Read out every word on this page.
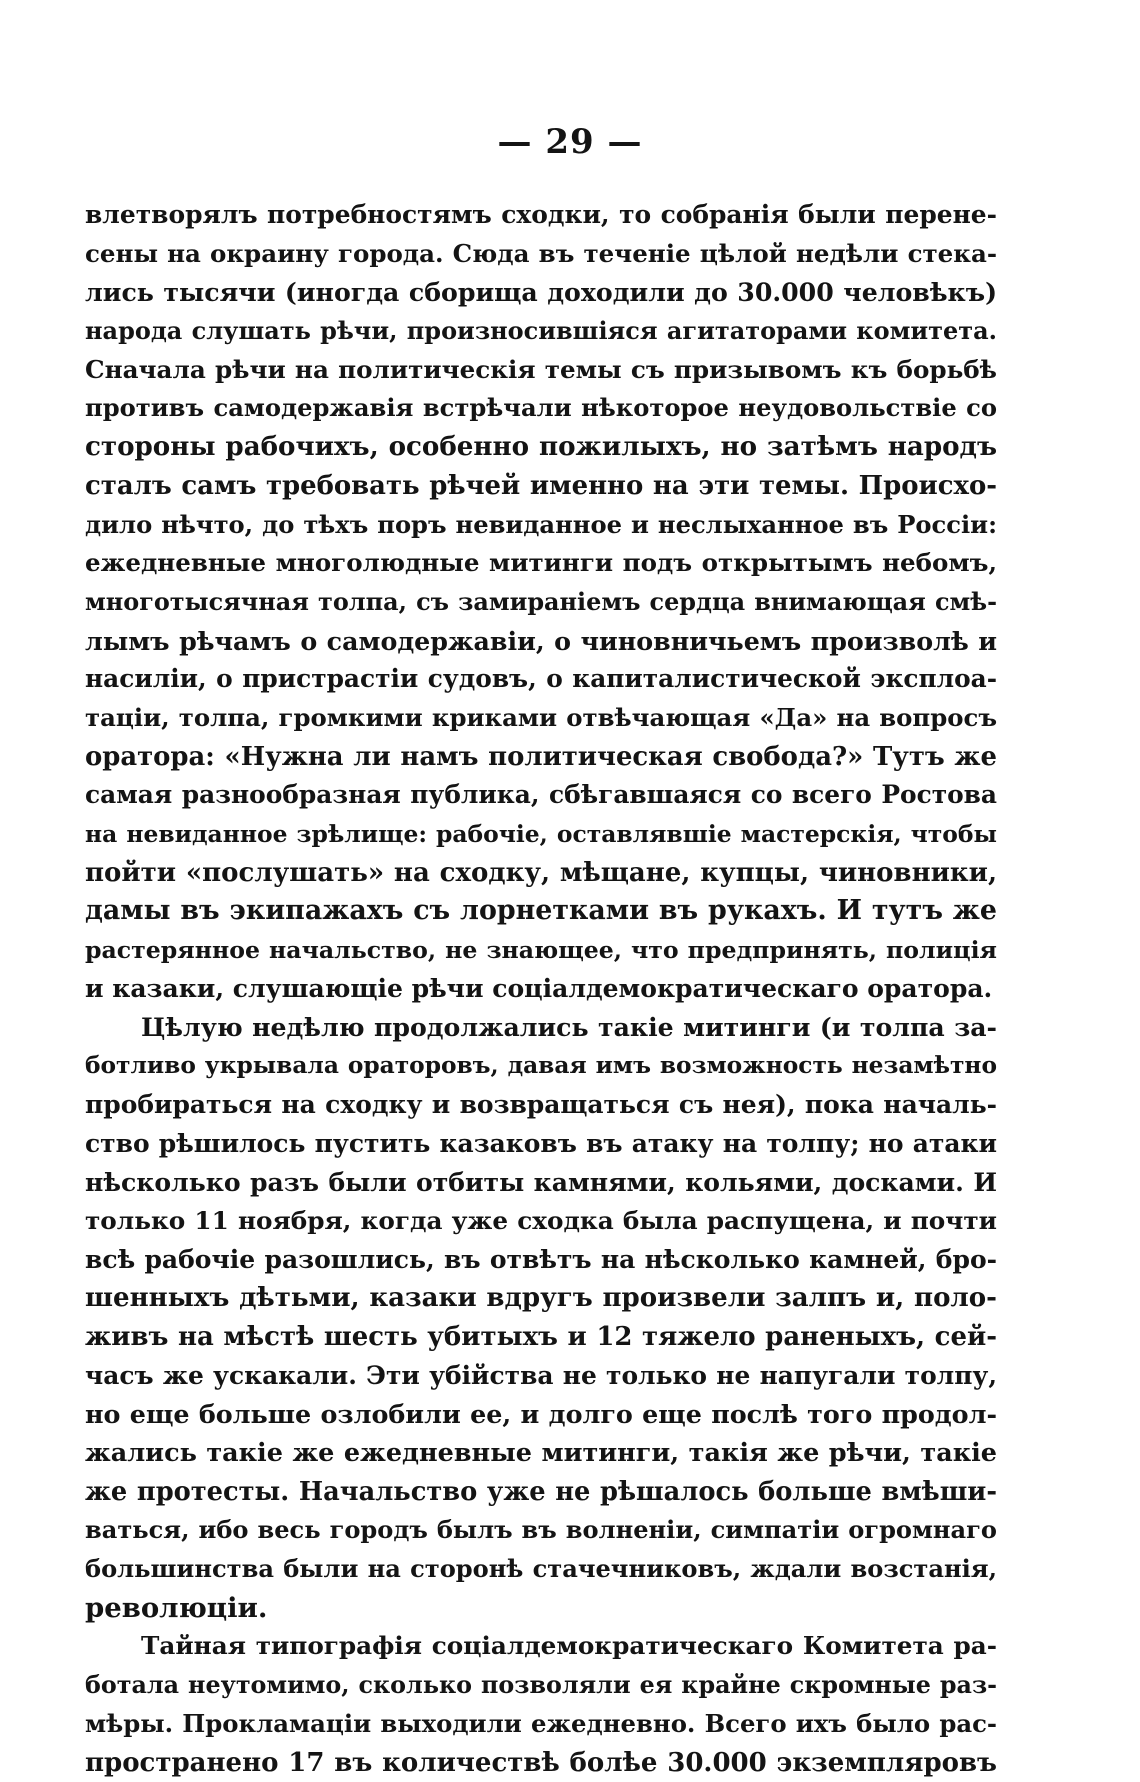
— 29 —
влетворялъ потребностямъ сходки, то собранія были перене-
сены на окраину города. Сюда въ теченіе цѣлой недѣли стека-
лись тысячи (иногда сборища доходили до 30.000 человѣкъ)
народа слушать рѣчи, произносившіяся агитаторами комитета.
Сначала рѣчи на политическія темы съ призывомъ къ борьбѣ
противъ самодержавія встрѣчали нѣкоторое неудовольствіе со
стороны рабочихъ, особенно пожилыхъ, но затѣмъ народъ
сталъ самъ требовать рѣчей именно на эти темы. Происхо-
дило нѣчто, до тѣхъ поръ невиданное и неслыханное въ Россіи:
ежедневные многолюдные митинги подъ открытымъ небомъ,
многотысячная толпа, съ замираніемъ сердца внимающая смѣ-
лымъ рѣчамъ о самодержавіи, о чиновничьемъ произволѣ и
насиліи, о пристрастіи судовъ, о капиталистической эксплоа-
таціи, толпа, громкими криками отвѣчающая «Да» на вопросъ
оратора: «Нужна ли намъ политическая свобода?» Тутъ же
самая разнообразная публика, сбѣгавшаяся со всего Ростова
на невиданное зрѣлище: рабочіе, оставлявшіе мастерскія, чтобы
пойти «послушать» на сходку, мѣщане, купцы, чиновники,
дамы въ экипажахъ съ лорнетками въ рукахъ. И тутъ же
растерянное начальство, не знающее, что предпринять, полиція
и казаки, слушающіе рѣчи соціалдемократическаго оратора.
Цѣлую недѣлю продолжались такіе митинги (и толпа за-
ботливо укрывала ораторовъ, давая имъ возможность незамѣтно
пробираться на сходку и возвращаться съ нея), пока началь-
ство рѣшилось пустить казаковъ въ атаку на толпу; но атаки
нѣсколько разъ были отбиты камнями, кольями, досками. И
только 11 ноября, когда уже сходка была распущена, и почти
всѣ рабочіе разошлись, въ отвѣтъ на нѣсколько камней, бро-
шенныхъ дѣтьми, казаки вдругъ произвели залпъ и, поло-
живъ на мѣстѣ шесть убитыхъ и 12 тяжело раненыхъ, сей-
часъ же ускакали. Эти убійства не только не напугали толпу,
но еще больше озлобили ее, и долго еще послѣ того продол-
жались такіе же ежедневные митинги, такія же рѣчи, такіе
же протесты. Начальство уже не рѣшалось больше вмѣши-
ваться, ибо весь городъ былъ въ волненіи, симпатіи огромнаго
большинства были на сторонѣ стачечниковъ, ждали возстанія,
революціи.
Тайная типографія соціалдемократическаго Комитета ра-
ботала неутомимо, сколько позволяли ея крайне скромные раз-
мѣры. Прокламаціи выходили ежедневно. Всего ихъ было рас-
пространено 17 въ количествѣ болѣе 30.000 экземпляровъ
